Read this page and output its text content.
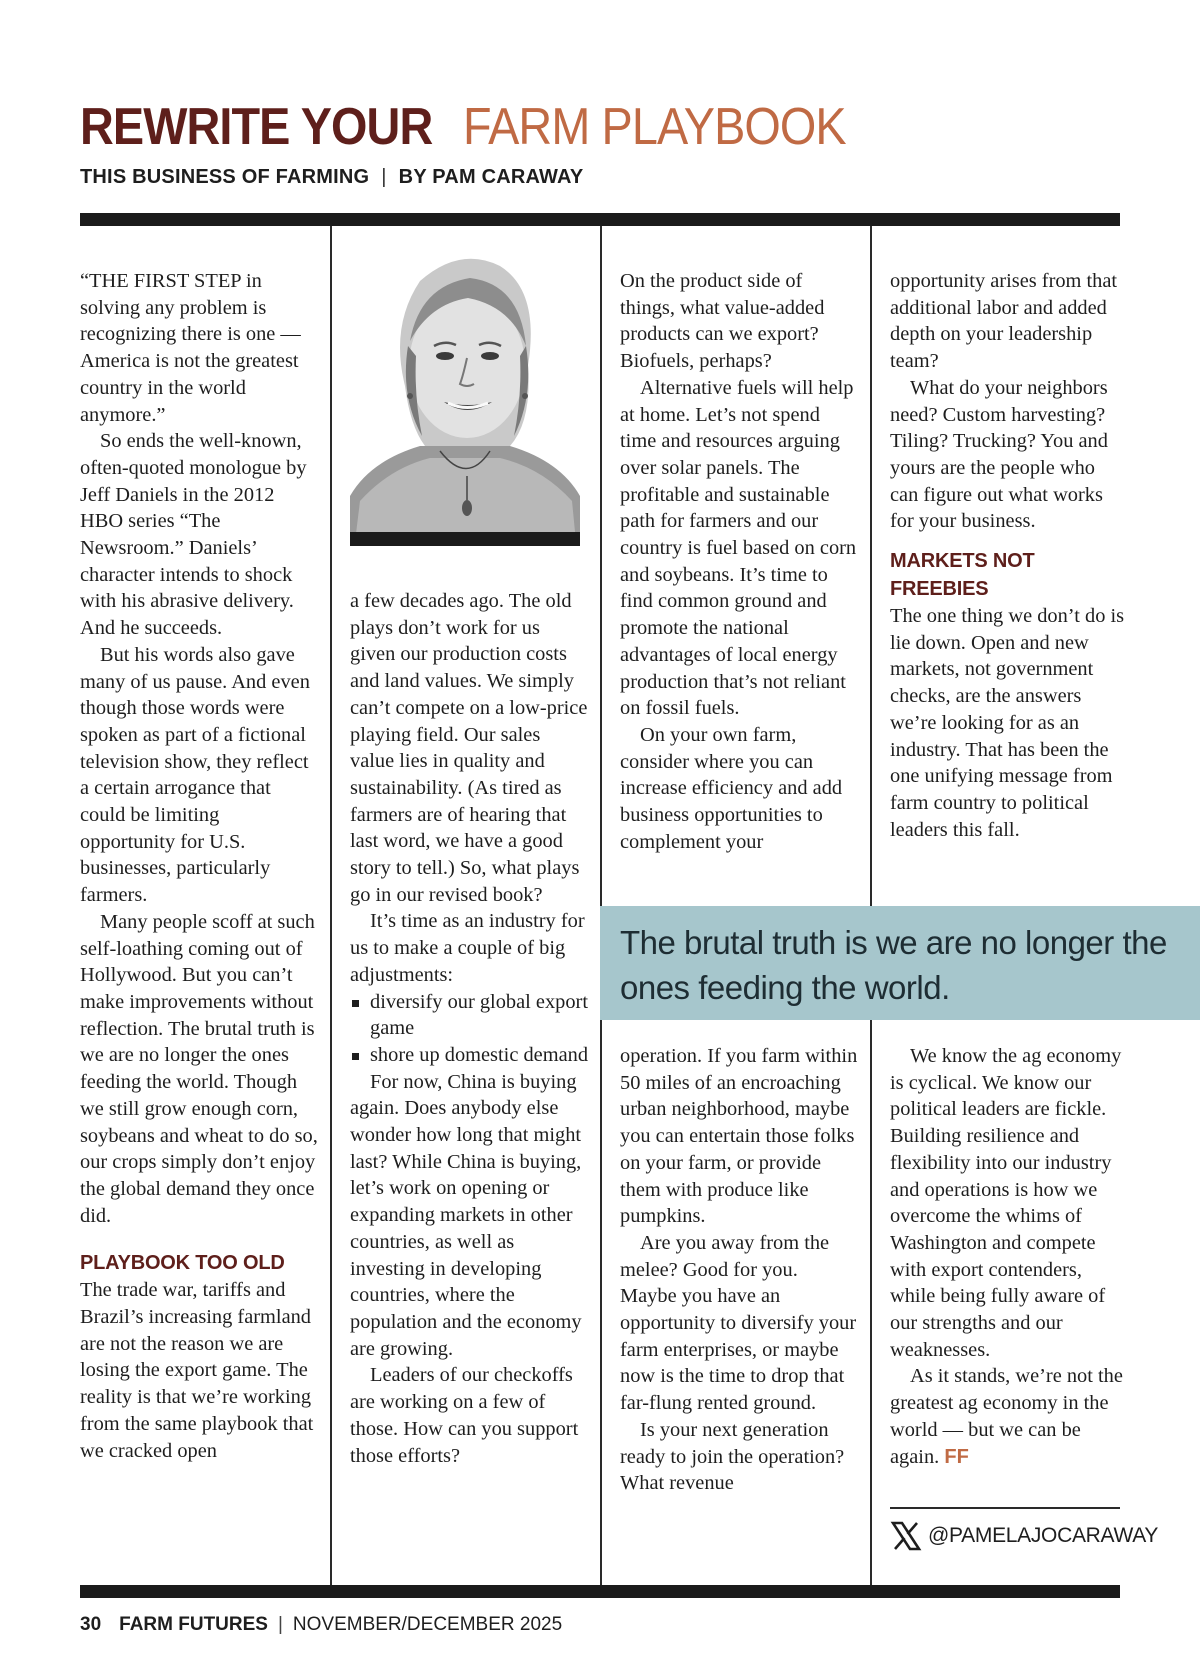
REWRITE YOUR FARM PLAYBOOK
THIS BUSINESS OF FARMING | BY PAM CARAWAY

“THE FIRST STEP in solving any problem is recognizing there is one — America is not the greatest country in the world anymore.”

So ends the well-known, often-quoted monologue by Jeff Daniels in the 2012 HBO series “The Newsroom.” Daniels’ character intends to shock with his abrasive delivery. And he succeeds.

But his words also gave many of us pause. And even though those words were spoken as part of a fictional television show, they reflect a certain arrogance that could be limiting opportunity for U.S. businesses, particularly farmers.

Many people scoff at such self-loathing coming out of Hollywood. But you can’t make improvements without reflection. The brutal truth is we are no longer the ones feeding the world. Though we still grow enough corn, soybeans and wheat to do so, our crops simply don’t enjoy the global demand they once did.

PLAYBOOK TOO OLD

The trade war, tariffs and Brazil’s increasing farmland are not the reason we are losing the export game. The reality is that we’re working from the same playbook that we cracked open

a few decades ago. The old plays don’t work for us given our production costs and land values. We simply can’t compete on a low-price playing field. Our sales value lies in quality and sustainability. (As tired as farmers are of hearing that last word, we have a good story to tell.) So, what plays go in our revised book?

It’s time as an industry for us to make a couple of big adjustments:

diversify our global export game
shore up domestic demand

For now, China is buying again. Does anybody else wonder how long that might last? While China is buying, let’s work on opening or expanding markets in other countries, as well as investing in developing countries, where the population and the economy are growing.

Leaders of our checkoffs are working on a few of those. How can you support those efforts?

On the product side of things, what value-added products can we export? Biofuels, perhaps?

Alternative fuels will help at home. Let’s not spend time and resources arguing over solar panels. The profitable and sustainable path for farmers and our country is fuel based on corn and soybeans. It’s time to find common ground and promote the national advantages of local energy production that’s not reliant on fossil fuels.

On your own farm, consider where you can increase efficiency and add business opportunities to complement your

opportunity arises from that additional labor and added depth on your leadership team?

What do your neighbors need? Custom harvesting? Tiling? Trucking? You and yours are the people who can figure out what works for your business.

MARKETS NOT FREEBIES

The one thing we don’t do is lie down. Open and new markets, not government checks, are the answers we’re looking for as an industry. That has been the one unifying message from farm country to political leaders this fall.

The brutal truth is we are no longer the ones feeding the world.

operation. If you farm within 50 miles of an encroaching urban neighborhood, maybe you can entertain those folks on your farm, or provide them with produce like pumpkins.

Are you away from the melee? Good for you. Maybe you have an opportunity to diversify your farm enterprises, or maybe now is the time to drop that far-flung rented ground.

Is your next generation ready to join the operation? What revenue

We know the ag economy is cyclical. We know our political leaders are fickle. Building resilience and flexibility into our industry and operations is how we overcome the whims of Washington and compete with export contenders, while being fully aware of our strengths and our weaknesses.

As it stands, we’re not the greatest ag economy in the world — but we can be again. FF

@PAMELAJOCARAWAY
30 FARM FUTURES | NOVEMBER/DECEMBER 2025
